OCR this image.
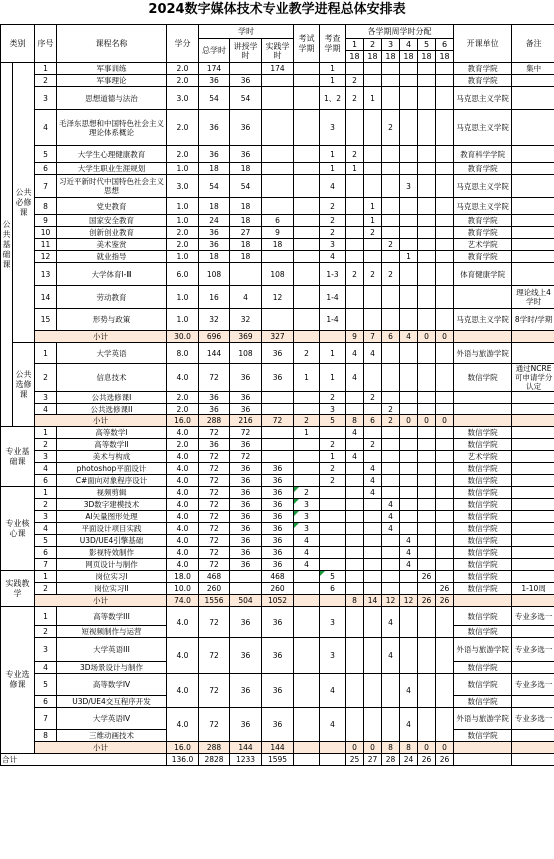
2024数字媒体技术专业教学进程总体安排表
类别		序号	课程名称	学分	学时			考试学期	考查学期	各学期周学时分配						开课单位	备注
					总学时	讲授学时	实践学时			1	2	3	4	5	6		
										18	18	18	18	18	18		
公共基础课	公共必修课	1	军事训练	2.0	174		174		1							教育学院	集中
		2	军事理论	2.0	36	36			1	2						教育学院	
		3	思想道德与法治	3.0	54	54			1、2	2	1					马克思主义学院	
		4	毛泽东思想和中国特色社会主义理论体系概论	2.0	36	36			3			2				马克思主义学院	
		5	大学生心理健康教育	2.0	36	36			1	2						教育科学学院	
		6	大学生职业生涯规划	1.0	18	18			1	1						教育学院	
		7	习近平新时代中国特色社会主义思想	3.0	54	54			4				3			马克思主义学院	
		8	党史教育	1.0	18	18			2		1					马克思主义学院	
		9	国家安全教育	1.0	24	18	6		2		1					教育学院	
		10	创新创业教育	2.0	36	27	9		2		2					教育学院	
		11	美术鉴赏	2.0	36	18	18		3			2				艺术学院	
		12	就业指导	1.0	18	18			4				1			教育学院	
		13	大学体育Ⅰ-Ⅲ	6.0	108		108		1-3	2	2	2				体育健康学院	
		14	劳动教育	1.0	16	4	12		1-4								理论线上4学时
		15	形势与政策	1.0	32	32			1-4							马克思主义学院	8学时/学期
		小计		30.0	696	369	327			9	7	6	4	0	0		
	公共选修课	1	大学英语	8.0	144	108	36	2	1	4	4					外语与旅游学院	
		2	信息技术	4.0	72	36	36	1	1	4						数信学院	通过NCRE可申请学分认定
		3	公共选修课I	2.0	36	36			2		2						
		4	公共选修课II	2.0	36	36			3			2					
		小计		16.0	288	216	72	2	5	8	6	2	0	0	0		
专业基础课		1	高等数学I	4.0	72	72		1		4						数信学院	
		2	高等数学II	2.0	36	36			2		2					数信学院	
		3	美术与构成	4.0	72	72			1	4						艺术学院	
		4	photoshop平面设计	4.0	72	36	36		2		4					数信学院	
		6	C#面向对象程序设计	4.0	72	36	36		2		4					数信学院	
专业核心课		1	视频剪辑	4.0	72	36	36	2			4					数信学院	
		2	3D数字建模技术	4.0	72	36	36	3				4				数信学院	
		3	AI矢量图形处理	4.0	72	36	36	3				4				数信学院	
		4	平面设计项目实践	4.0	72	36	36	3				4				数信学院	
		5	U3D/UE4引擎基础	4.0	72	36	36	4					4			数信学院	
		6	影视特效制作	4.0	72	36	36	4					4			数信学院	
		7	网页设计与制作	4.0	72	36	36	4					4			数信学院	
实践教学		1	岗位实习I	18.0	468		468		5					26		数信学院	
		2	岗位实习II	10.0	260		260		6						26	数信学院	1-10周
		小计		74.0	1556	504	1052			8	14	12	12	26	26		
专业选修课		1	高等数学III	4.0	72	36	36		3			4				数信学院	专业多选一
		2	短视频制作与运营													数信学院	
		3	大学英语III	4.0	72	36	36		3			4				外语与旅游学院	专业多选一
		4	3D场景设计与制作													数信学院	
		5	高等数学IV	4.0	72	36	36		4				4			数信学院	专业多选一
		6	U3D/UE4交互程序开发													数信学院	
		7	大学英语IV	4.0	72	36	36		4				4			外语与旅游学院	专业多选一
		8	三维动画技术													数信学院	
		小计		16.0	288	144	144			0	0	8	8	0	0		
合计				136.0	2828	1233	1595			25	27	28	24	26	26		
